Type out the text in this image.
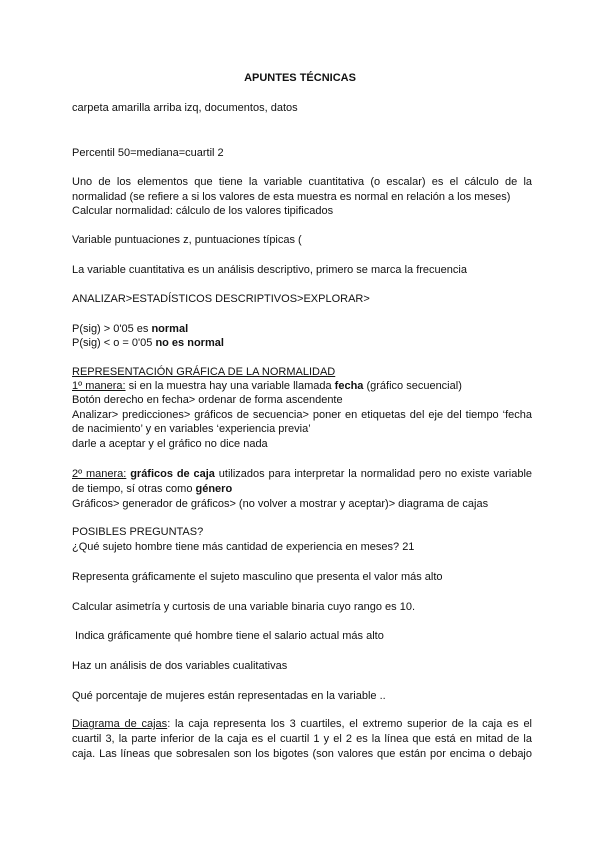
APUNTES TÉCNICAS
carpeta amarilla arriba izq, documentos, datos
Percentil 50=mediana=cuartil 2
Uno de los elementos que tiene la variable cuantitativa (o escalar) es el cálculo de la
normalidad (se refiere a si los valores de esta muestra es normal en relación a los meses)
Calcular normalidad: cálculo de los valores tipificados
Variable puntuaciones z, puntuaciones típicas (
La variable cuantitativa es un análisis descriptivo, primero se marca la frecuencia
ANALIZAR>ESTADÍSTICOS DESCRIPTIVOS>EXPLORAR>
P(sig) > 0'05 es normal
P(sig) < o = 0'05 no es normal
REPRESENTACIÓN GRÁFICA DE LA NORMALIDAD
1º manera: si en la muestra hay una variable llamada fecha (gráfico secuencial)
Botón derecho en fecha> ordenar de forma ascendente
Analizar> predicciones> gráficos de secuencia> poner en etiquetas del eje del tiempo ‘fecha
de nacimiento’ y en variables ‘experiencia previa’
darle a aceptar y el gráfico no dice nada
2º manera: gráficos de caja utilizados para interpretar la normalidad pero no existe variable
de tiempo, sí otras como género
Gráficos> generador de gráficos> (no volver a mostrar y aceptar)> diagrama de cajas
POSIBLES PREGUNTAS?
¿Qué sujeto hombre tiene más cantidad de experiencia en meses? 21
Representa gráficamente el sujeto masculino que presenta el valor más alto
Calcular asimetría y curtosis de una variable binaria cuyo rango es 10.
Indica gráficamente qué hombre tiene el salario actual más alto
Haz un análisis de dos variables cualitativas
Qué porcentaje de mujeres están representadas en la variable ..
Diagrama de cajas: la caja representa los 3 cuartiles, el extremo superior de la caja es el
cuartil 3, la parte inferior de la caja es el cuartil 1 y el 2 es la línea que está en mitad de la
caja. Las líneas que sobresalen son los bigotes (son valores que están por encima o debajo
